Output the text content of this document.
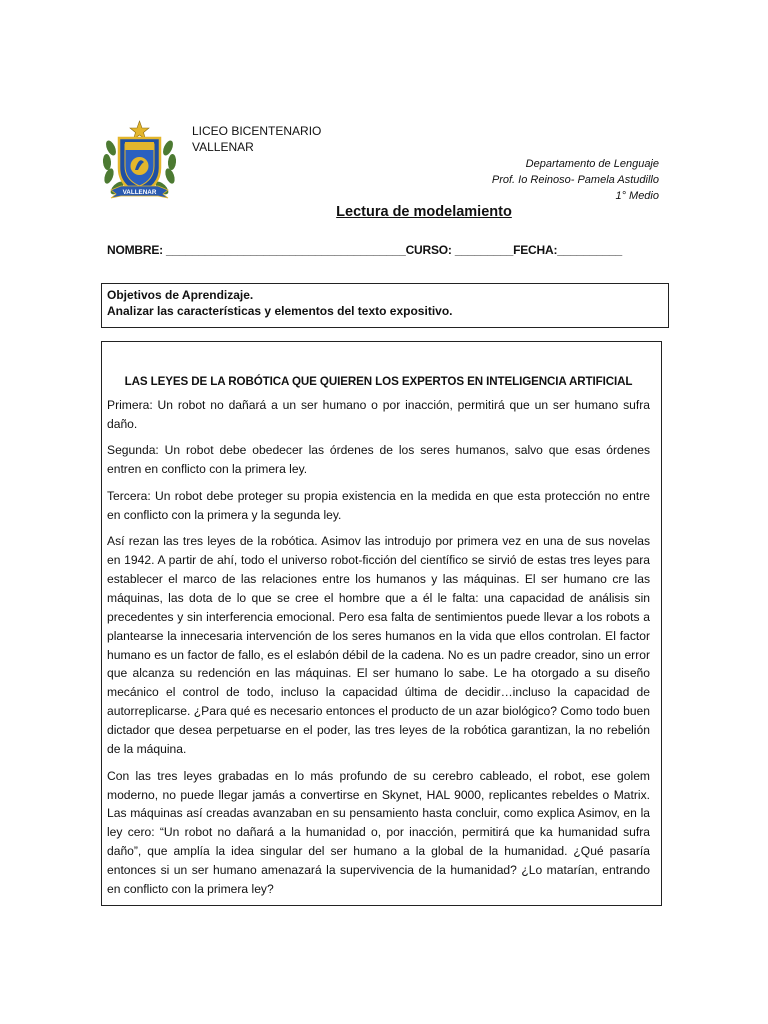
VALLENAR
LICEO BICENTENARIO
VALLENAR
Departamento de Lenguaje
Prof. Io Reinoso- Pamela Astudillo
1° Medio
Lectura de modelamiento
NOMBRE: _____________________________________CURSO: _________FECHA:__________
Objetivos de Aprendizaje.
Analizar las características y elementos del texto expositivo.
LAS LEYES DE LA ROBÓTICA QUE QUIEREN LOS EXPERTOS EN INTELIGENCIA ARTIFICIAL

Primera: Un robot no dañará a un ser humano o por inacción, permitirá que un ser humano sufra daño.

Segunda: Un robot debe obedecer las órdenes de los seres humanos, salvo que esas órdenes entren en conflicto con la primera ley.

Tercera: Un robot debe proteger su propia existencia en la medida en que esta protección no entre en conflicto con la primera y la segunda ley.

Así rezan las tres leyes de la robótica. Asimov las introdujo por primera vez en una de sus novelas en 1942. A partir de ahí, todo el universo robot-ficción del científico se sirvió de estas tres leyes para establecer el marco de las relaciones entre los humanos y las máquinas. El ser humano cre las máquinas, las dota de lo que se cree el hombre que a él le falta: una capacidad de análisis sin precedentes y sin interferencia emocional. Pero esa falta de sentimientos puede llevar a los robots a plantearse la innecesaria intervención de los seres humanos en la vida que ellos controlan. El factor humano es un factor de fallo, es el eslabón débil de la cadena. No es un padre creador, sino un error que alcanza su redención en las máquinas. El ser humano lo sabe. Le ha otorgado a su diseño mecánico el control de todo, incluso la capacidad última de decidir…incluso la capacidad de autorreplicarse. ¿Para qué es necesario entonces el producto de un azar biológico? Como todo buen dictador que desea perpetuarse en el poder, las tres leyes de la robótica garantizan, la no rebelión de la máquina.

Con las tres leyes grabadas en lo más profundo de su cerebro cableado, el robot, ese golem moderno, no puede llegar jamás a convertirse en Skynet, HAL 9000, replicantes rebeldes o Matrix. Las máquinas así creadas avanzaban en su pensamiento hasta concluir, como explica Asimov, en la ley cero: “Un robot no dañará a la humanidad o, por inacción, permitirá que ka humanidad sufra daño”, que amplía la idea singular del ser humano a la global de la humanidad. ¿Qué pasaría entonces si un ser humano amenazará la supervivencia de la humanidad? ¿Lo matarían, entrando en conflicto con la primera ley?
